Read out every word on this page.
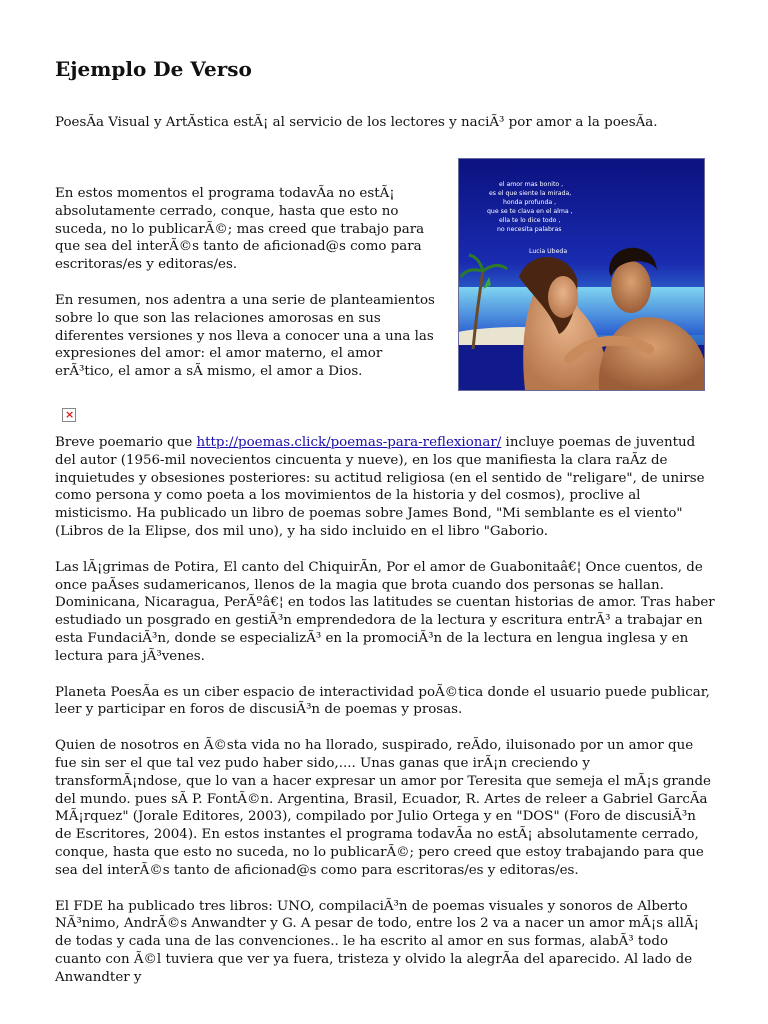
Ejemplo De Verso

PoesÃa Visual y ArtÃstica estÃ¡ al servicio de los lectores y naciÃ³ por amor a la poesÃa.

En estos momentos el programa todavÃa no estÃ¡ absolutamente cerrado, conque, hasta que esto no suceda, no lo publicarÃ©; mas creed que trabajo para que sea del interÃ©s tanto de aficionad@s como para escritoras/es y editoras/es.

En resumen, nos adentra a una serie de planteamientos sobre lo que son las relaciones amorosas en sus diferentes versiones y nos lleva a conocer una a una las expresiones del amor: el amor materno, el amor erÃ³tico, el amor a sÃ mismo, el amor a Dios.

el amor mas bonito ,
es el que siente la mirada,
honda profunda ,
que se te clava en el alma ,
ella te lo dice todo ,
no necesita palabras
Lucia Ubeda
×

Breve poemario que http://poemas.click/poemas-para-reflexionar/ incluye poemas de juventud del autor (1956-mil novecientos cincuenta y nueve), en los que manifiesta la clara raÃz de inquietudes y obsesiones posteriores: su actitud religiosa (en el sentido de "religare", de unirse como persona y como poeta a los movimientos de la historia y del cosmos), proclive al misticismo. Ha publicado un libro de poemas sobre James Bond, "Mi semblante es el viento" (Libros de la Elipse, dos mil uno), y ha sido incluido en el libro "Gaborio.

Las lÃ¡grimas de Potira, El canto del ChiquirÃn, Por el amor de Guabonitaâ€¦ Once cuentos, de once paÃses sudamericanos, llenos de la magia que brota cuando dos personas se hallan. Dominicana, Nicaragua, PerÃºâ€¦ en todos las latitudes se cuentan historias de amor. Tras haber estudiado un posgrado en gestiÃ³n emprendedora de la lectura y escritura entrÃ³ a trabajar en esta FundaciÃ³n, donde se especializÃ³ en la promociÃ³n de la lectura en lengua inglesa y en lectura para jÃ³venes.

Planeta PoesÃa es un ciber espacio de interactividad poÃ©tica donde el usuario puede publicar, leer y participar en foros de discusiÃ³n de poemas y prosas.

Quien de nosotros en Ã©sta vida no ha llorado, suspirado, reÃdo, iluisonado por un amor que fue sin ser el que tal vez pudo haber sido,.... Unas ganas que irÃ¡n creciendo y transformÃ¡ndose, que lo van a hacer expresar un amor por Teresita que semeja el mÃ¡s grande del mundo. pues sÃ P. FontÃ©n. Argentina, Brasil, Ecuador, R. Artes de releer a Gabriel GarcÃa MÃ¡rquez" (Jorale Editores, 2003), compilado por Julio Ortega y en "DOS" (Foro de discusiÃ³n de Escritores, 2004). En estos instantes el programa todavÃa no estÃ¡ absolutamente cerrado, conque, hasta que esto no suceda, no lo publicarÃ©; pero creed que estoy trabajando para que sea del interÃ©s tanto de aficionad@s como para escritoras/es y editoras/es.

El FDE ha publicado tres libros: UNO, compilaciÃ³n de poemas visuales y sonoros de Alberto NÃ³nimo, AndrÃ©s Anwandter y G. A pesar de todo, entre los 2 va a nacer un amor mÃ¡s allÃ¡ de todas y cada una de las convenciones.. le ha escrito al amor en sus formas, alabÃ³ todo cuanto con Ã©l tuviera que ver ya fuera, tristeza y olvido la alegrÃa del aparecido. Al lado de Anwandter y
